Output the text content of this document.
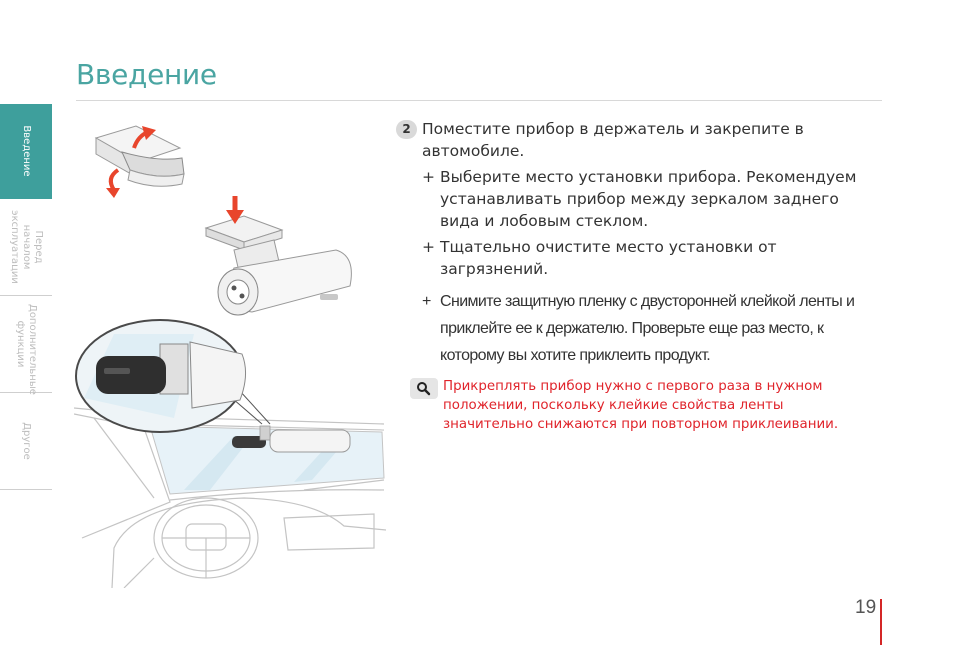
Введение
Введение
Перед началом эксплуатации
Дополнительные функции
Другое
2 Поместите прибор в держатель и закрепите в автомобиле.
+ Выберите место установки прибора. Рекомендуем устанавливать прибор между зеркалом заднего вида и лобовым стеклом.
+ Тщательно очистите место установки от загрязнений.
+ Снимите защитную пленку с двусторонней клейкой ленты и приклейте ее к держателю. Проверьте еще раз место, к которому вы хотите приклеить продукт.
Прикреплять прибор нужно с первого раза в нужном положении, поскольку клейкие свойства ленты значительно снижаются при повторном приклеивании.
19
